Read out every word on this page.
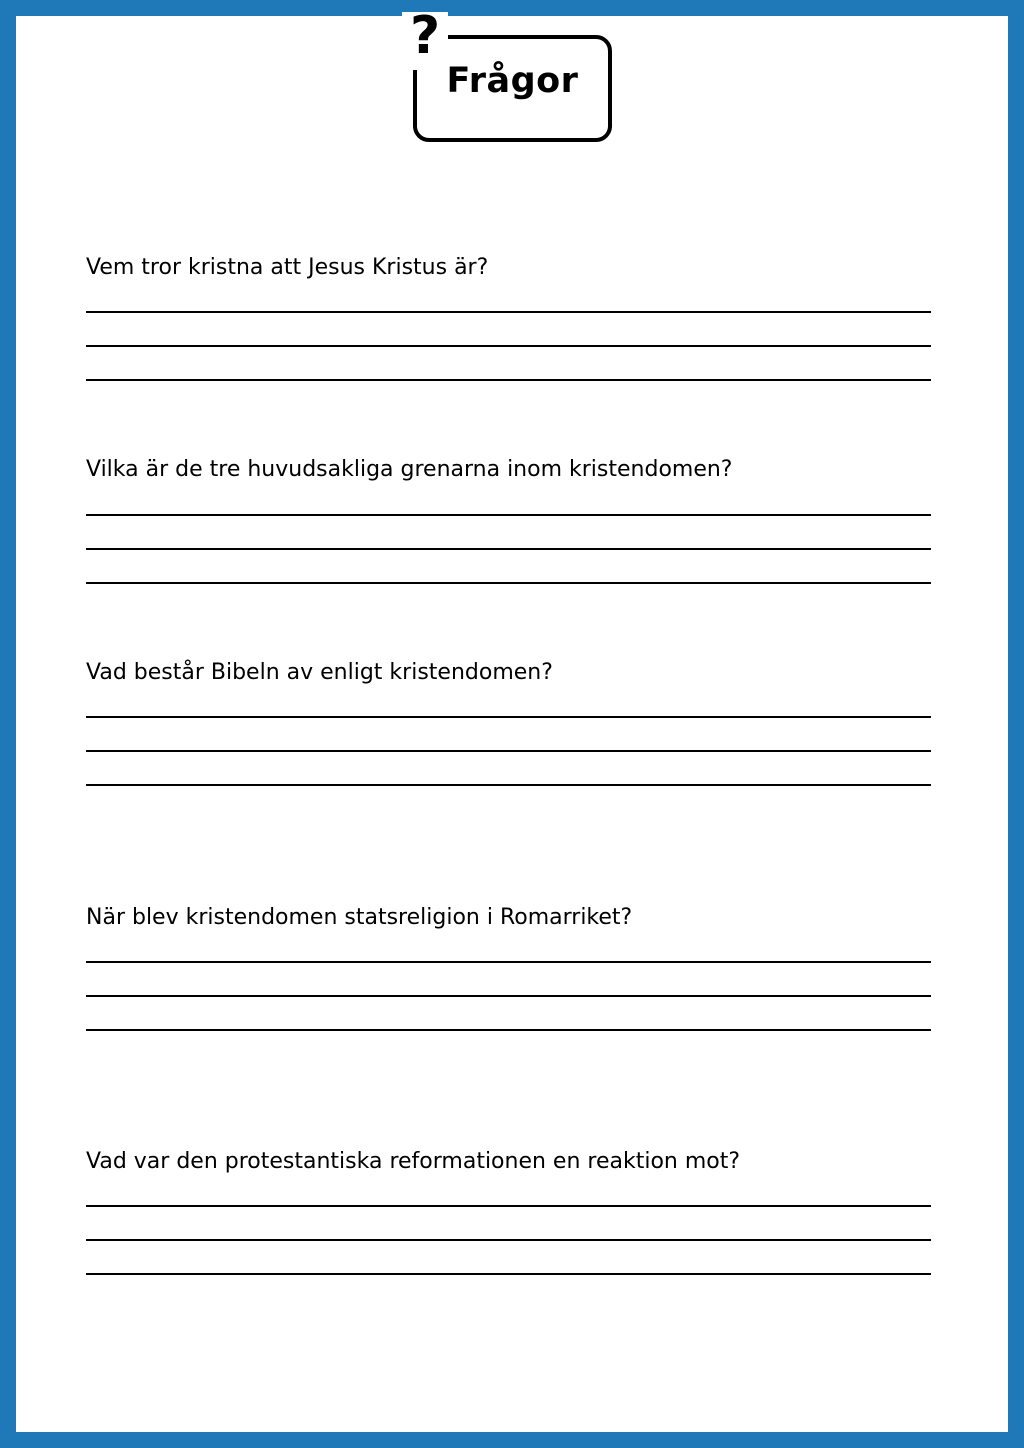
?
Frågor
Vem tror kristna att Jesus Kristus är?
Vilka är de tre huvudsakliga grenarna inom kristendomen?
Vad består Bibeln av enligt kristendomen?
När blev kristendomen statsreligion i Romarriket?
Vad var den protestantiska reformationen en reaktion mot?
